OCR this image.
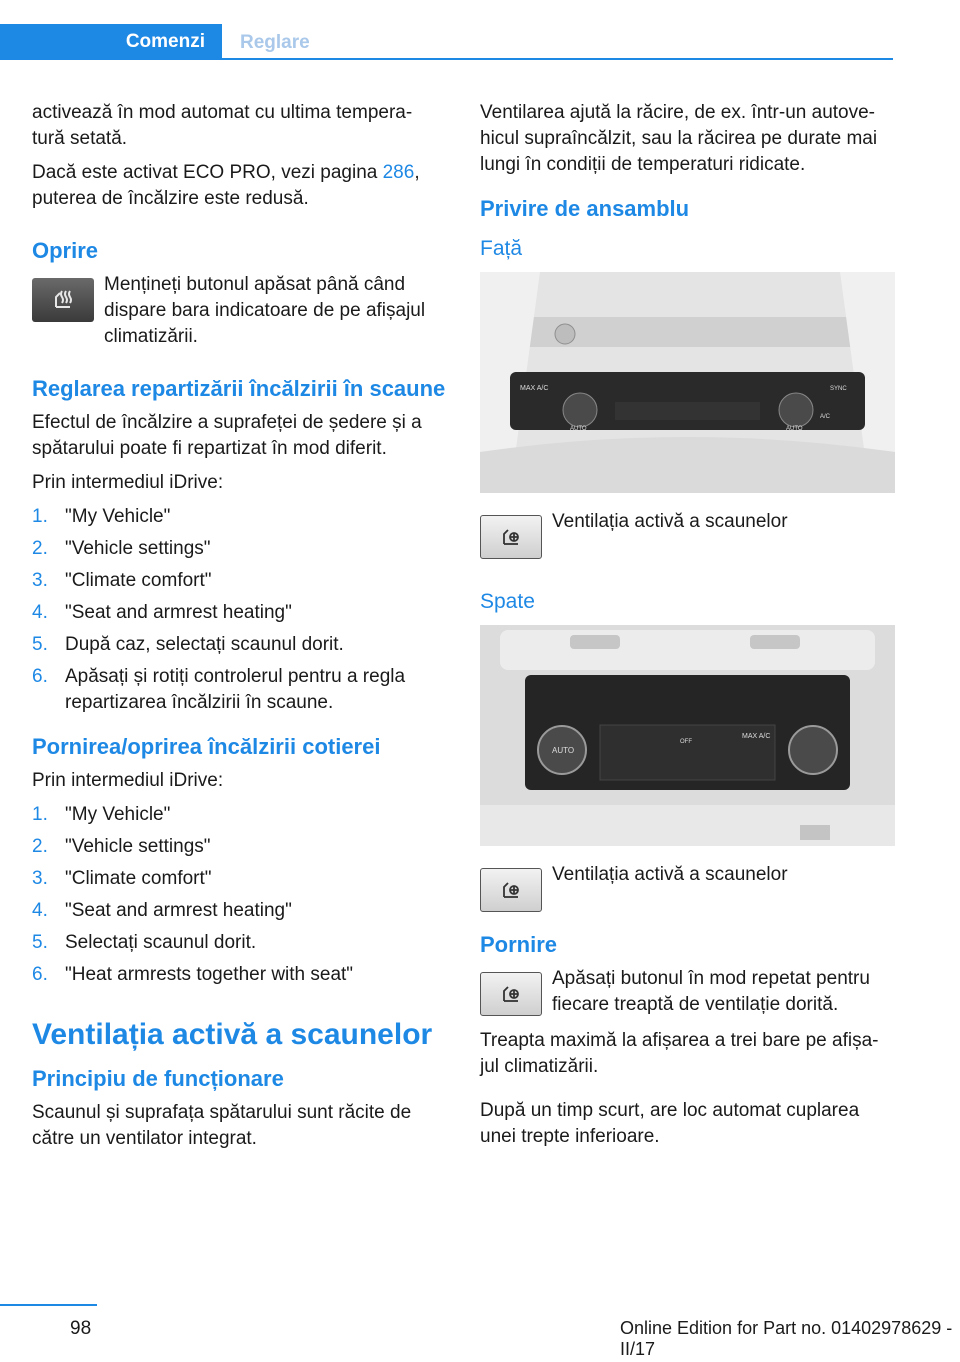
Comenzi Reglare

activează în mod automat cu ultima tempera‐ tură setată.

Dacă este activat ECO PRO, vezi pagina 286, puterea de încălzire este redusă.

Oprire
Mențineți butonul apăsat până când dispare bara indicatoare de pe afișajul climatizării.
Reglarea repartizării încălzirii în scaune

Efectul de încălzire a suprafeței de ședere și a spătarului poate fi repartizat în mod diferit.

Prin intermediul iDrive:

1. "My Vehicle"
2. "Vehicle settings"
3. "Climate comfort"
4. "Seat and armrest heating"
5. După caz, selectați scaunul dorit.
6. Apăsați și rotiți controlerul pentru a regla repartizarea încălzirii în scaune.
Pornirea/oprirea încălzirii cotierei

Prin intermediul iDrive:

1. "My Vehicle"
2. "Vehicle settings"
3. "Climate comfort"
4. "Seat and armrest heating"
5. Selectați scaunul dorit.
6. "Heat armrests together with seat"
Ventilația activă a scaunelor
Principiu de funcționare

Scaunul și suprafața spătarului sunt răcite de către un ventilator integrat.

Ventilarea ajută la răcire, de ex. într-un autove‐ hicul supraîncălzit, sau la răcirea pe durate mai lungi în condiții de temperaturi ridicate.

Privire de ansamblu
Față
MAX A/C
AUTO	AUTO
A/C
SYNC
Ventilația activă a scaunelor
Spate
AUTO
OFF
MAX A/C
Ventilația activă a scaunelor
Pornire
Apăsați butonul în mod repetat pentru fiecare treaptă de ventilație dorită.

Treapta maximă la afișarea a trei bare pe afișa‐ jul climatizării.

După un timp scurt, are loc automat cuplarea unei trepte inferioare.

98	Online Edition for Part no. 01402978629 - II/17
